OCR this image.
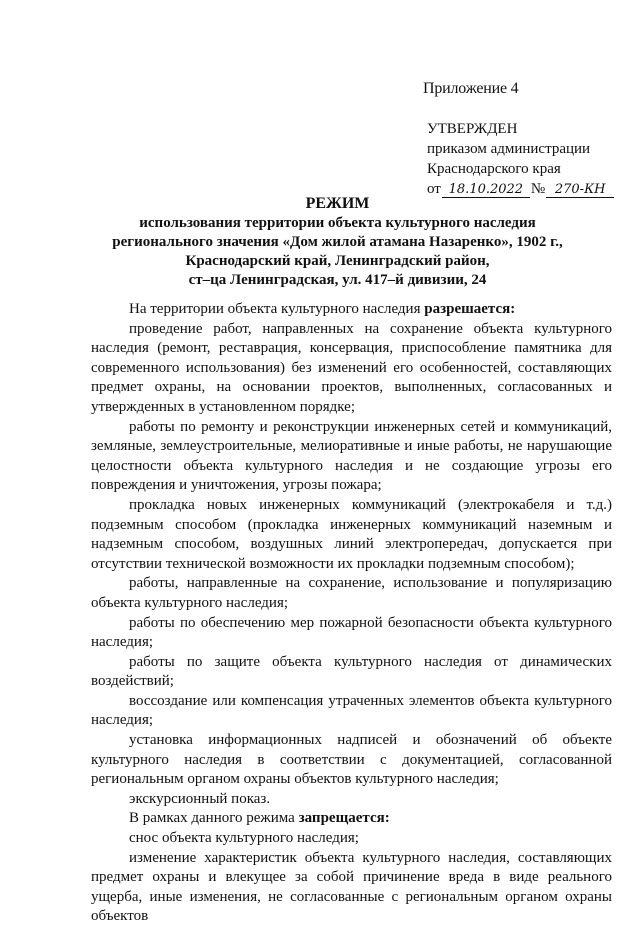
Приложение 4
УТВЕРЖДЕН
приказом администрации
Краснодарского края
от 18.10.2022 № 270-КН
РЕЖИМ
использования территории объекта культурного наследия
регионального значения «Дом жилой атамана Назаренко», 1902 г.,
Краснодарский край, Ленинградский район,
ст–ца Ленинградская, ул. 417–й дивизии, 24

На территории объекта культурного наследия разрешается:

проведение работ, направленных на сохранение объекта культурного наследия (ремонт, реставрация, консервация, приспособление памятника для современного использования) без изменений его особенностей, составляющих предмет охраны, на основании проектов, выполненных, согласованных и утвержденных в установленном порядке;

работы по ремонту и реконструкции инженерных сетей и коммуникаций, земляные, землеустроительные, мелиоративные и иные работы, не нарушающие целостности объекта культурного наследия и не создающие угрозы его повреждения и уничтожения, угрозы пожара;

прокладка новых инженерных коммуникаций (электрокабеля и т.д.) подземным способом (прокладка инженерных коммуникаций наземным и надземным способом, воздушных линий электропередач, допускается при отсутствии технической возможности их прокладки подземным способом);

работы, направленные на сохранение, использование и популяризацию объекта культурного наследия;

работы по обеспечению мер пожарной безопасности объекта культурного наследия;

работы по защите объекта культурного наследия от динамических воздействий;

воссоздание или компенсация утраченных элементов объекта культурного наследия;

установка информационных надписей и обозначений об объекте культурного наследия в соответствии с документацией, согласованной региональным органом охраны объектов культурного наследия;

экскурсионный показ.

В рамках данного режима запрещается:

снос объекта культурного наследия;

изменение характеристик объекта культурного наследия, составляющих предмет охраны и влекущее за собой причинение вреда в виде реального ущерба, иные изменения, не согласованные с региональным органом охраны объектов
